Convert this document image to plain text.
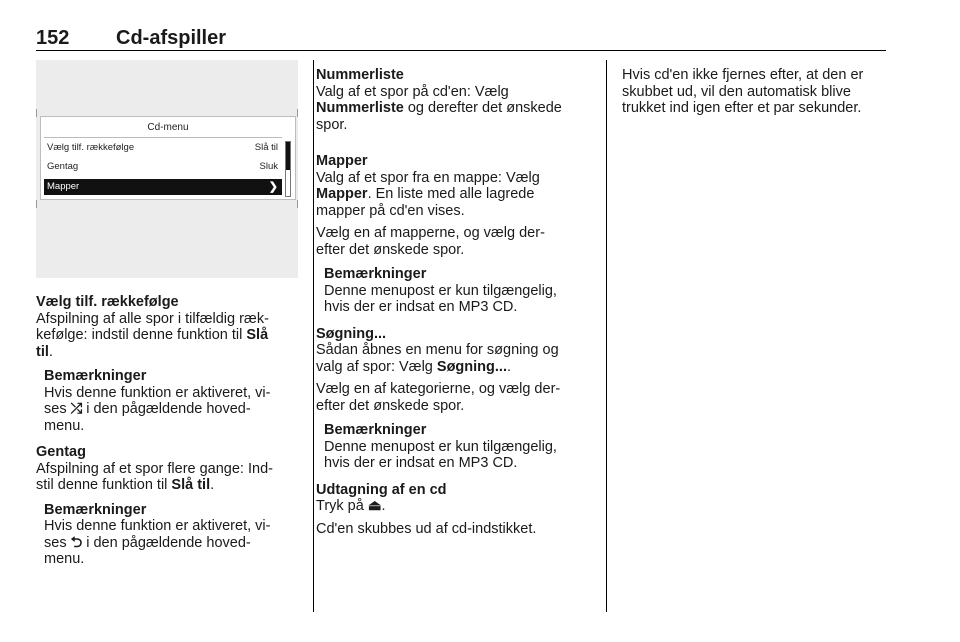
152 Cd-afspiller
Cd-menu
Vælg tilf. rækkefølge	Slå til
Gentag	Sluk
Mapper	❯

Vælg tilf. rækkefølge

Afspilning af alle spor i tilfældig ræk-

kefølge: indstil denne funktion til Slå

til.

Bemærkninger

Hvis denne funktion er aktiveret, vi-

ses ⤮ i den pågældende hoved-

menu.

Gentag

Afspilning af et spor flere gange: Ind-

stil denne funktion til Slå til.

Bemærkninger

Hvis denne funktion er aktiveret, vi-

ses ⮌ i den pågældende hoved-

menu.

Nummerliste

Valg af et spor på cd'en: Vælg

Nummerliste og derefter det ønskede

spor.

Mapper

Valg af et spor fra en mappe: Vælg

Mapper. En liste med alle lagrede

mapper på cd'en vises.

Vælg en af mapperne, og vælg der-

efter det ønskede spor.

Bemærkninger

Denne menupost er kun tilgængelig,

hvis der er indsat en MP3 CD.

Søgning...

Sådan åbnes en menu for søgning og

valg af spor: Vælg Søgning....

Vælg en af kategorierne, og vælg der-

efter det ønskede spor.

Bemærkninger

Denne menupost er kun tilgængelig,

hvis der er indsat en MP3 CD.

Udtagning af en cd

Tryk på ⏏.

Cd'en skubbes ud af cd-indstikket.

Hvis cd'en ikke fjernes efter, at den er

skubbet ud, vil den automatisk blive

trukket ind igen efter et par sekunder.
